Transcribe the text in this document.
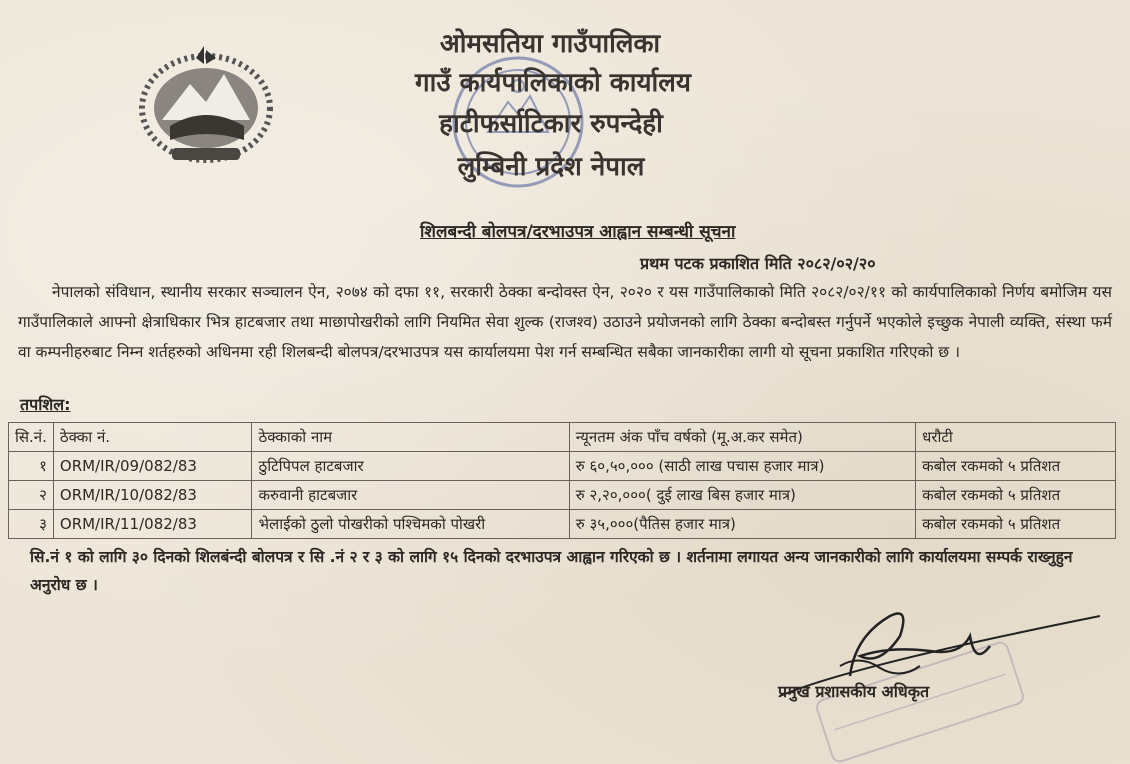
ओमसतिया गाउँपालिका
गाउँ कार्यपालिकाको कार्यालय
हाटीफर्साटिकार रुपन्देही
लुम्बिनी प्रदेश नेपाल
शिलबन्दी बोलपत्र/दरभाउपत्र आह्वान सम्बन्धी सूचना
प्रथम पटक प्रकाशित मिति २०८२/०२/२०
नेपालको संविधान, स्थानीय सरकार सञ्चालन ऐन, २०७४ को दफा ११, सरकारी ठेक्का बन्दोवस्त ऐन, २०२० र यस गाउँपालिकाको मिति २०८२/०२/११ को कार्यपालिकाको निर्णय बमोजिम यस गाउँपालिकाले आफ्नो क्षेत्राधिकार भित्र हाटबजार तथा माछापोखरीको लागि नियमित सेवा शुल्क (राजश्व) उठाउने प्रयोजनको लागि ठेक्का बन्दोबस्त गर्नुपर्ने भएकोले इच्छुक नेपाली व्यक्ति, संस्था फर्म वा कम्पनीहरुबाट निम्न शर्तहरुको अधिनमा रही शिलबन्दी बोलपत्र/दरभाउपत्र यस कार्यालयमा पेश गर्न सम्बन्धित सबैका जानकारीका लागी यो सूचना प्रकाशित गरिएको छ ।
तपशिल:
सि.नं.	ठेक्का नं.	ठेक्काको नाम	न्यूनतम अंक पाँच वर्षको (मू.अ.कर समेत)	धरौटी
१	ORM/IR/09/082/83	ठुटिपिपल हाटबजार	रु ६०,५०,००० (साठी लाख पचास हजार मात्र)	कबोल रकमको ५ प्रतिशत
२	ORM/IR/10/082/83	करुवानी हाटबजार	रु २,२०,०००( दुई लाख बिस हजार मात्र)	कबोल रकमको ५ प्रतिशत
३	ORM/IR/11/082/83	भेलाईको ठुलो पोखरीको पश्चिमको पोखरी	रु ३५,०००(पैतिस हजार मात्र)	कबोल रकमको ५ प्रतिशत
सि.नं १ को लागि ३० दिनको शिलबंन्दी बोलपत्र र सि .नं २ र ३ को लागि १५ दिनको दरभाउपत्र आह्वान गरिएको छ । शर्तनामा लगायत अन्य जानकारीको लागि कार्यालयमा सम्पर्क राख्नुहुन अनुरोध छ ।
प्रमुख प्रशासकीय अधिकृत
